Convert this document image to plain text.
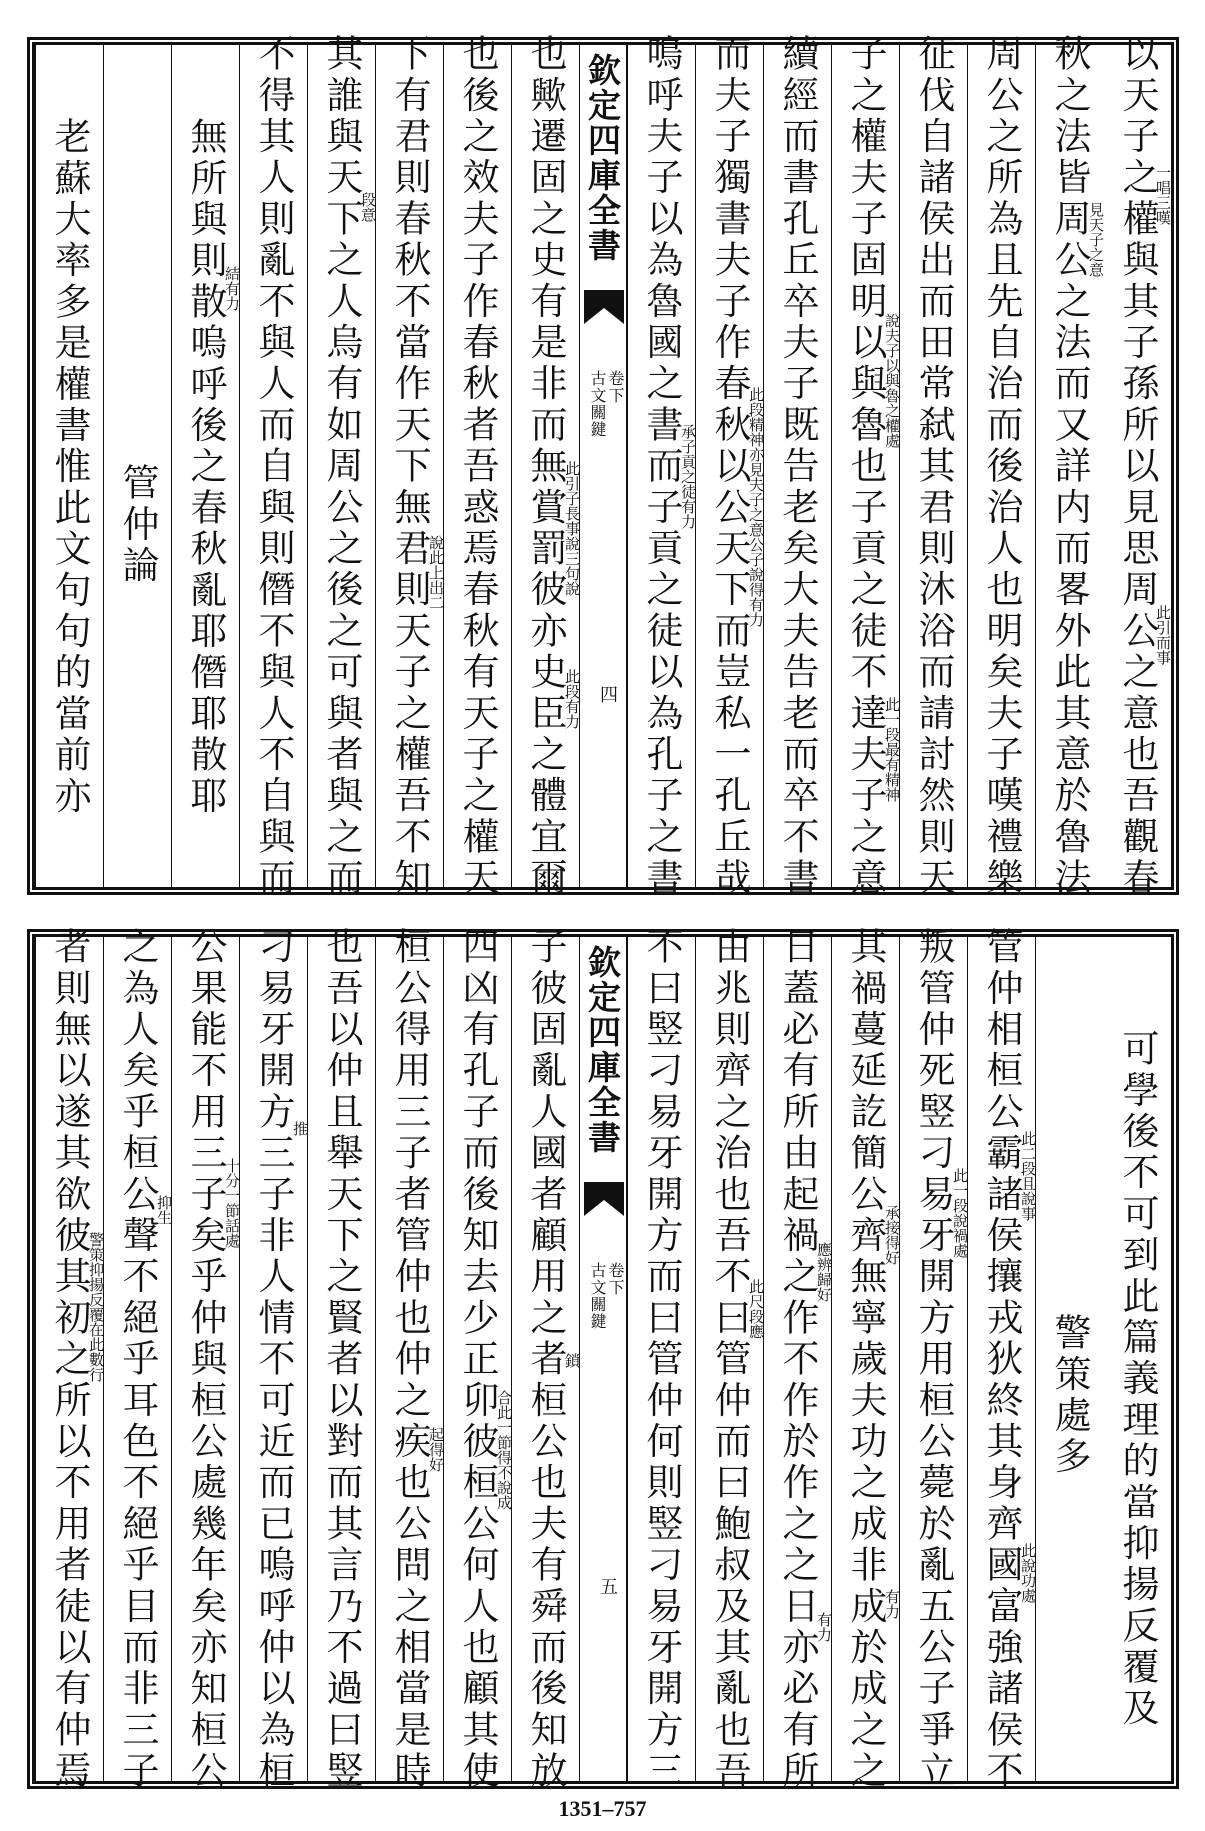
以天子之權與其子孫所以見思周公之意也吾觀春
一唱三嘆
此引而事
秋之法皆周公之法而又詳内而畧外此其意於魯法
見天子之意
周公之所為且先自治而後治人也明矣夫子嘆禮樂
征伐自諸侯出而田常弑其君則沐浴而請討然則天
子之權夫子固明以與魯也子貢之徒不達夫子之意
說夫子以與魯之權處
此一段最有精神
續經而書孔丘卒夫子既告老矣大夫告老而卒不書
而夫子獨書夫子作春秋以公天下而豈私一孔丘哉
此段精神亦見夫子之意公子說得有力
嗚呼夫子以為魯國之書而子貢之徒以為孔子之書
承子貢之徒有力
也歟遷固之史有是非而無賞罰彼亦史臣之體宜爾
此引子長事說三句說
此段有力
也後之效夫子作春秋者吾惑焉春秋有天子之權天
下有君則春秋不當作天下無君則天子之權吾不知
說此上出二
其誰與天下之人烏有如周公之後之可與者與之而
段意
不得其人則亂不與人而自與則僭不與人不自與而
無所與則散嗚呼後之春秋亂耶僭耶散耶
結有力
管仲論
老蘇大率多是權書惟此文句句的當前亦	欽定四庫全書
古文關鍵 卷下
四
可學後不可到此篇義理的當抑揚反覆及
警策處多
管仲相桓公霸諸侯攘戎狄終其身齊國富強諸侯不
此二段且說事
此說功處
叛管仲死竪刁易牙開方用桓公薨於亂五公子爭立
此一段說禍處
其禍蔓延訖簡公齊無寧歲夫功之成非成於成之之
承接得好
有力
日蓋必有所由起禍之作不作於作之之日亦必有所
應辨歸好
有力
由兆則齊之治也吾不曰管仲而曰鮑叔及其亂也吾
此尺段應
不曰竪刁易牙開方而曰管仲何則竪刁易牙開方三
子彼固亂人國者顧用之者桓公也夫有舜而後知放
鎖
四凶有孔子而後知去少正卯彼桓公何人也顧其使
合此一節得不說成
桓公得用三子者管仲也仲之疾也公問之相當是時
起得好
也吾以仲且舉天下之賢者以對而其言乃不過曰竪
刁易牙開方三子非人情不可近而已嗚呼仲以為桓
推
公果能不用三子矣乎仲與桓公處幾年矣亦知桓公
十分一節話處
之為人矣乎桓公聲不絕乎耳色不絕乎目而非三子
抑生
者則無以遂其欲彼其初之所以不用者徒以有仲焉
警策抑揚反覆在此數行
欽定四庫全書
古文關鍵 卷下
五
1351–757
